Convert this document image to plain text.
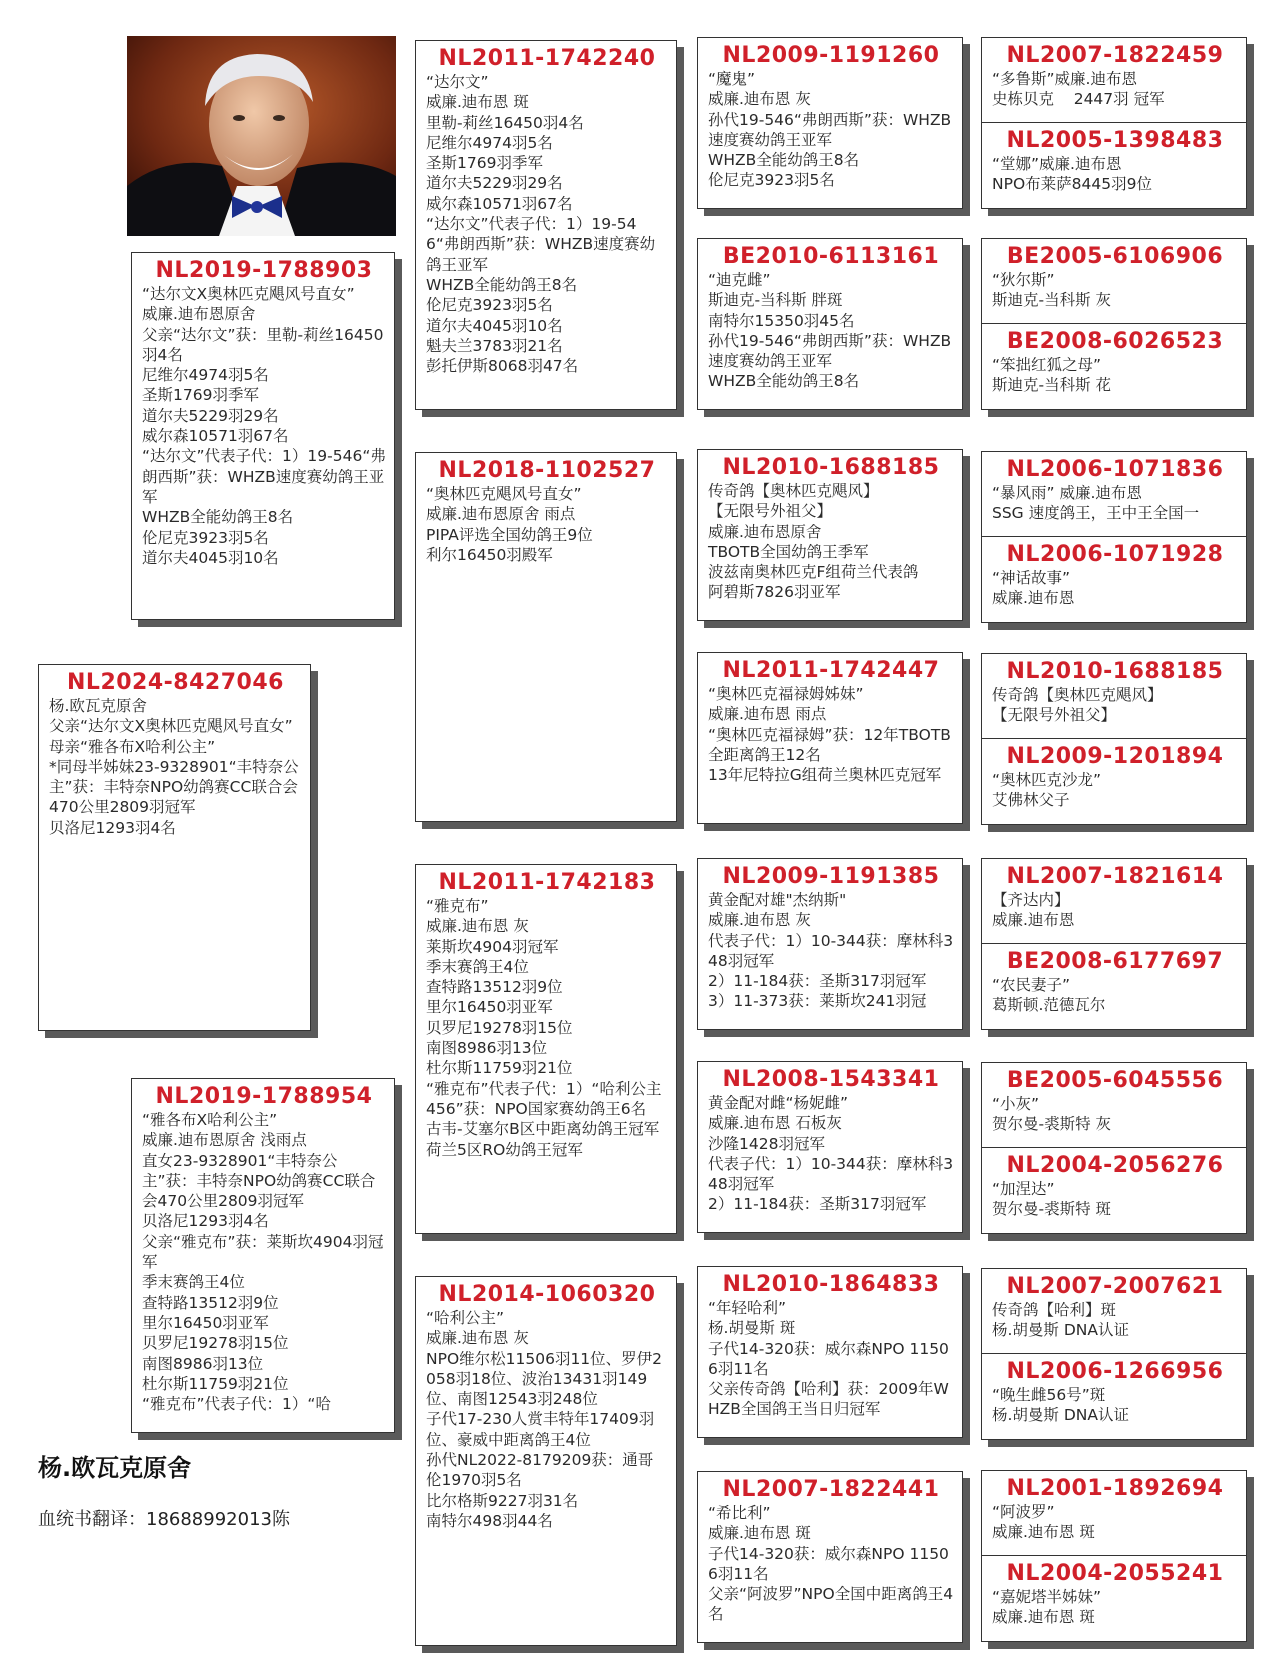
NL2024-8427046
杨.欧瓦克原舍
父亲“达尔文X奥林匹克飓风号直女”
母亲“雅各布X哈利公主”
*同母半姊妹23-9328901“丰特奈公主”获：丰特奈NPO幼鸽赛CC联合会470公里2809羽冠军
贝洛尼1293羽4名
NL2019-1788903
“达尔文X奥林匹克飓风号直女”
威廉.迪布恩原舍
父亲“达尔文”获：里勒-莉丝16450羽4名
尼维尔4974羽5名
圣斯1769羽季军
道尔夫5229羽29名
威尔森10571羽67名
“达尔文”代表子代：1）19-546“弗朗西斯”获：WHZB速度赛幼鸽王亚军
WHZB全能幼鸽王8名
伦尼克3923羽5名
道尔夫4045羽10名
NL2019-1788954
“雅各布X哈利公主”
威廉.迪布恩原舍 浅雨点
直女23-9328901“丰特奈公主”获：丰特奈NPO幼鸽赛CC联合会470公里2809羽冠军
贝洛尼1293羽4名
父亲“雅克布”获：莱斯坎4904羽冠军
季末赛鸽王4位
查特路13512羽9位
里尔16450羽亚军
贝罗尼19278羽15位
南图8986羽13位
杜尔斯11759羽21位
“雅克布”代表子代：1）“哈
NL2011-1742240
“达尔文”
威廉.迪布恩 斑
里勒-莉丝16450羽4名
尼维尔4974羽5名
圣斯1769羽季军
道尔夫5229羽29名
威尔森10571羽67名
“达尔文”代表子代：1）19-546“弗朗西斯”获：WHZB速度赛幼鸽王亚军
WHZB全能幼鸽王8名
伦尼克3923羽5名
道尔夫4045羽10名
魁夫兰3783羽21名
彭托伊斯8068羽47名
NL2018-1102527
“奥林匹克飓风号直女”
威廉.迪布恩原舍 雨点
PIPA评选全国幼鸽王9位
利尔16450羽殿军
NL2011-1742183
“雅克布”
威廉.迪布恩 灰
莱斯坎4904羽冠军
季末赛鸽王4位
查特路13512羽9位
里尔16450羽亚军
贝罗尼19278羽15位
南图8986羽13位
杜尔斯11759羽21位
“雅克布”代表子代：1）“哈利公主456”获：NPO国家赛幼鸽王6名
古韦-艾塞尔B区中距离幼鸽王冠军
荷兰5区RO幼鸽王冠军
NL2014-1060320
“哈利公主”
威廉.迪布恩 灰
NPO维尔松11506羽11位、罗伊2058羽18位、波治13431羽149位、南图12543羽248位
子代17-230人赏丰特年17409羽位、豪威中距离鸽王4位
孙代NL2022-8179209获：通哥伦1970羽5名
比尔格斯9227羽31名
南特尔498羽44名
NL2009-1191260
“魔鬼”
威廉.迪布恩 灰
孙代19-546“弗朗西斯”获：WHZB速度赛幼鸽王亚军
WHZB全能幼鸽王8名
伦尼克3923羽5名
BE2010-6113161
“迪克雌”
斯迪克-当科斯 胖斑
南特尔15350羽45名
孙代19-546“弗朗西斯”获：WHZB速度赛幼鸽王亚军
WHZB全能幼鸽王8名
NL2010-1688185
传奇鸽【奥林匹克飓风】
【无限号外祖父】
威廉.迪布恩原舍
TBOTB全国幼鸽王季军
波兹南奥林匹克F组荷兰代表鸽
阿碧斯7826羽亚军
NL2011-1742447
“奥林匹克福禄姆姊妹”
威廉.迪布恩 雨点
“奥林匹克福禄姆”获：12年TBOTB全距离鸽王12名
13年尼特拉G组荷兰奥林匹克冠军
NL2009-1191385
黄金配对雄"杰纳斯"
威廉.迪布恩 灰
代表子代：1）10-344获：摩林科348羽冠军
2）11-184获：圣斯317羽冠军
3）11-373获：莱斯坎241羽冠
NL2008-1543341
黄金配对雌“杨妮雌”
威廉.迪布恩 石板灰
沙隆1428羽冠军
代表子代：1）10-344获：摩林科348羽冠军
2）11-184获：圣斯317羽冠军
NL2010-1864833
“年轻哈利”
杨.胡曼斯 斑
子代14-320获：威尔森NPO 11506羽11名
父亲传奇鸽【哈利】获：2009年WHZB全国鸽王当日归冠军
NL2007-1822441
“希比利”
威廉.迪布恩 斑
子代14-320获：威尔森NPO 11506羽11名
父亲“阿波罗”NPO全国中距离鸽王4名
NL2007-1822459
“多鲁斯”威廉.迪布恩
史栋贝克    2447羽 冠军
NL2005-1398483
“堂娜”威廉.迪布恩
NPO布莱萨8445羽9位
BE2005-6106906
“狄尔斯”
斯迪克-当科斯 灰
BE2008-6026523
“笨拙红狐之母”
斯迪克-当科斯 花
NL2006-1071836
“暴风雨” 威廉.迪布恩
SSG 速度鸽王，王中王全国一
NL2006-1071928
“神话故事”
威廉.迪布恩
NL2010-1688185
传奇鸽【奥林匹克飓风】
【无限号外祖父】
NL2009-1201894
“奥林匹克沙龙”
艾佛林父子
NL2007-1821614
【齐达内】
威廉.迪布恩
BE2008-6177697
“农民妻子”
葛斯顿.范德瓦尔
BE2005-6045556
“小灰”
贺尔曼-裘斯特 灰
NL2004-2056276
“加涅达”
贺尔曼-裘斯特 斑
NL2007-2007621
传奇鸽【哈利】斑
杨.胡曼斯 DNA认证
NL2006-1266956
“晚生雌56号”斑
杨.胡曼斯 DNA认证
NL2001-1892694
“阿波罗”
威廉.迪布恩 斑
NL2004-2055241
“嘉妮塔半姊妹”
威廉.迪布恩 斑
杨.欧瓦克原舍
血统书翻译：18688992013陈
